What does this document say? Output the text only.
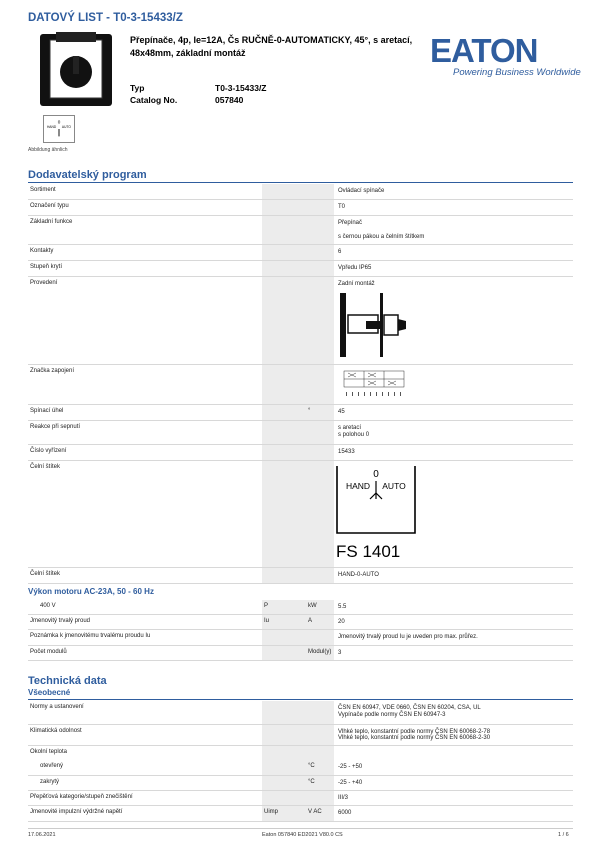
DATOVÝ LIST - T0-3-15433/Z
0
HAND AUTO
Abbildung ähnlich
Přepínače, 4p, Ie=12A, Čs RUČNĚ-0-AUTOMATICKY, 45°, s aretací, 48x48mm, základní montáž
Typ	T0-3-15433/Z
Catalog No.	057840
EATON
Powering Business Worldwide
Dodavatelský program
Sortiment	Ovládací spínače
Označení typu	T0
Základní funkce	Přepínač
s černou pákou a čelním štítkem
Kontakty	6
Stupeň krytí	Vpředu IP65
Provedení	Zadní montáž
Značka zapojení
Spínací úhel	°	45
Reakce při sepnutí	s aretací
s polohou 0
Číslo vyřízení	15433
Čelní štítek
0
HAND AUTO
FS 1401
Čelní štítek	HAND-0-AUTO
Výkon motoru AC-23A, 50 - 60 Hz
400 V	P	kW	5.5
Jmenovitý trvalý proud	Iu	A	20
Poznámka k jmenovitému trvalému proudu Iu	Jmenovitý trvalý proud Iu je uveden pro max. průřez.
Počet modulů	Modul(y) 3
Technická data
Všeobecné
Normy a ustanovení	ČSN EN 60947, VDE 0660, ČSN EN 60204, CSA, UL
Vypínače podle normy ČSN EN 60947-3
Klimatická odolnost	Vlhké teplo, konstantní podle normy ČSN EN 60068-2-78
Vlhké teplo, konstantní podle normy ČSN EN 60068-2-30
Okolní teplota
otevřený	°C	-25 - +50
zakrytý	°C	-25 - +40
Přepěťová kategorie/stupeň znečištění	III/3
Jmenovité impulzní výdržné napětí	Uimp	V AC	6000
17.06.2021	Eaton 057840 ED2021 V80.0 CS	1 / 6
